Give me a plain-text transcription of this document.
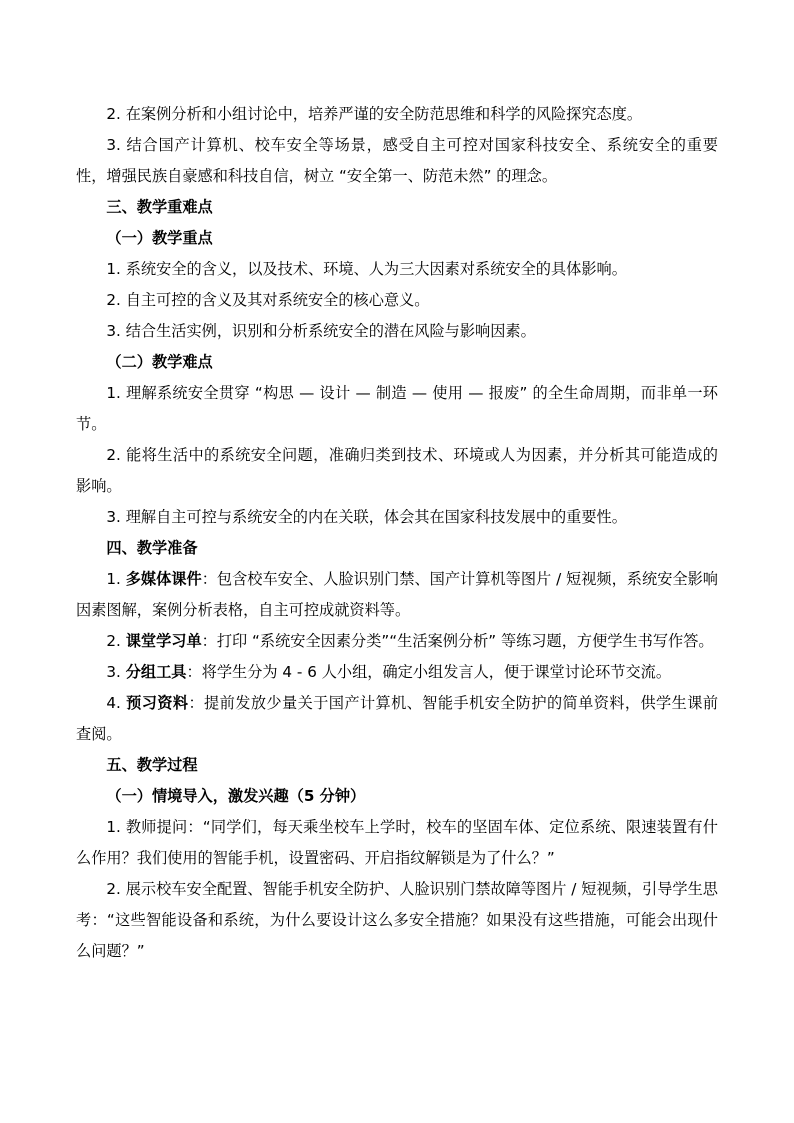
2. 在案例分析和小组讨论中，培养严谨的安全防范思维和科学的风险探究态度。

3. 结合国产计算机、校车安全等场景，感受自主可控对国家科技安全、系统安全的重要性，增强民族自豪感和科技自信，树立 “安全第一、防范未然” 的理念。

三、教学重难点

（一）教学重点

1. 系统安全的含义，以及技术、环境、人为三大因素对系统安全的具体影响。

2. 自主可控的含义及其对系统安全的核心意义。

3. 结合生活实例，识别和分析系统安全的潜在风险与影响因素。

（二）教学难点

1. 理解系统安全贯穿 “构思 — 设计 — 制造 — 使用 — 报废” 的全生命周期，而非单一环节。

2. 能将生活中的系统安全问题，准确归类到技术、环境或人为因素，并分析其可能造成的影响。

3. 理解自主可控与系统安全的内在关联，体会其在国家科技发展中的重要性。

四、教学准备

1. 多媒体课件：包含校车安全、人脸识别门禁、国产计算机等图片 / 短视频，系统安全影响因素图解，案例分析表格，自主可控成就资料等。

2. 课堂学习单：打印 “系统安全因素分类”“生活案例分析” 等练习题，方便学生书写作答。

3. 分组工具：将学生分为 4 - 6 人小组，确定小组发言人，便于课堂讨论环节交流。

4. 预习资料：提前发放少量关于国产计算机、智能手机安全防护的简单资料，供学生课前查阅。

五、教学过程

（一）情境导入，激发兴趣（5 分钟）

1. 教师提问：“同学们，每天乘坐校车上学时，校车的坚固车体、定位系统、限速装置有什么作用？我们使用的智能手机，设置密码、开启指纹解锁是为了什么？”

2. 展示校车安全配置、智能手机安全防护、人脸识别门禁故障等图片 / 短视频，引导学生思考：“这些智能设备和系统，为什么要设计这么多安全措施？如果没有这些措施，可能会出现什么问题？”
